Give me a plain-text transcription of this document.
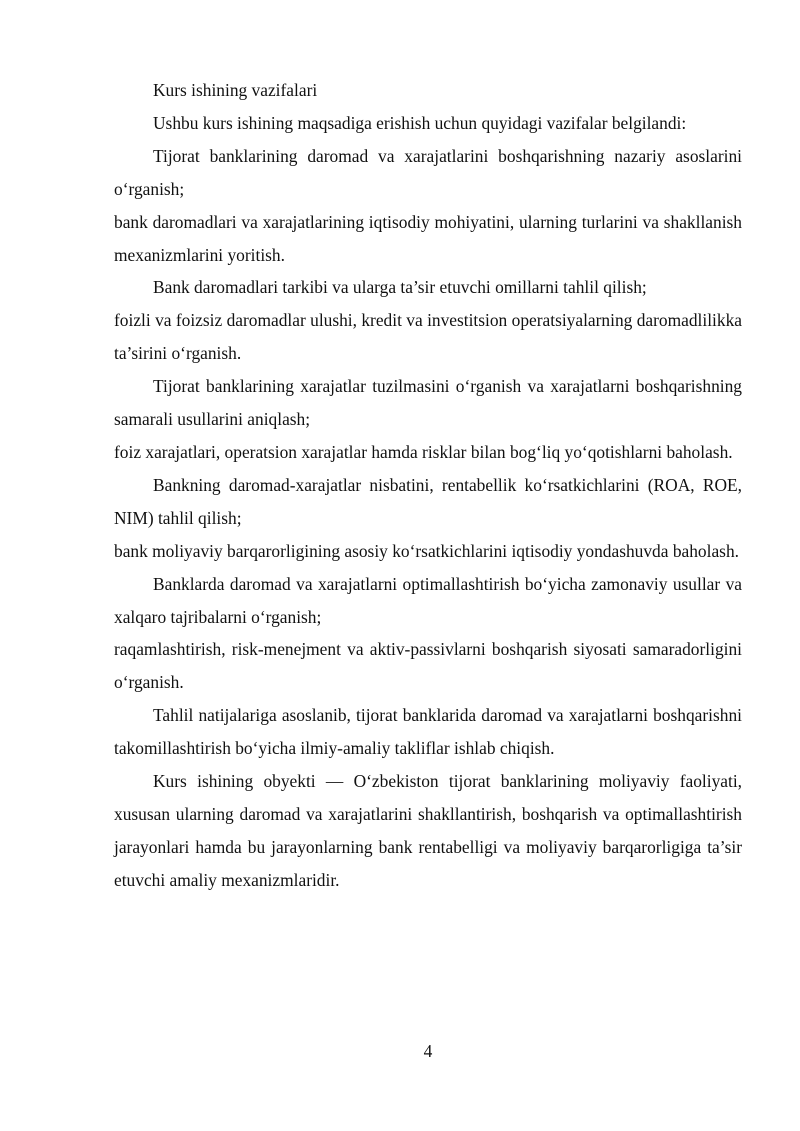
Kurs ishining vazifalari

Ushbu kurs ishining maqsadiga erishish uchun quyidagi vazifalar belgilandi:

Tijorat banklarining daromad va xarajatlarini boshqarishning nazariy asoslarini o‘rganish;

bank daromadlari va xarajatlarining iqtisodiy mohiyatini, ularning turlarini va shakllanish mexanizmlarini yoritish.

Bank daromadlari tarkibi va ularga ta’sir etuvchi omillarni tahlil qilish;

foizli va foizsiz daromadlar ulushi, kredit va investitsion operatsiyalarning daromadlilikka ta’sirini o‘rganish.

Tijorat banklarining xarajatlar tuzilmasini o‘rganish va xarajatlarni boshqarishning samarali usullarini aniqlash;

foiz xarajatlari, operatsion xarajatlar hamda risklar bilan bog‘liq yo‘qotishlarni baholash.

Bankning daromad-xarajatlar nisbatini, rentabellik ko‘rsatkichlarini (ROA, ROE, NIM) tahlil qilish;

bank moliyaviy barqarorligining asosiy ko‘rsatkichlarini iqtisodiy yondashuvda baholash.

Banklarda daromad va xarajatlarni optimallashtirish bo‘yicha zamonaviy usullar va xalqaro tajribalarni o‘rganish;

raqamlashtirish, risk-menejment va aktiv-passivlarni boshqarish siyosati samaradorligini o‘rganish.

Tahlil natijalariga asoslanib, tijorat banklarida daromad va xarajatlarni boshqarishni takomillashtirish bo‘yicha ilmiy-amaliy takliflar ishlab chiqish.

Kurs ishining obyekti — O‘zbekiston tijorat banklarining moliyaviy faoliyati, xususan ularning daromad va xarajatlarini shakllantirish, boshqarish va optimallashtirish jarayonlari hamda bu jarayonlarning bank rentabelligi va moliyaviy barqarorligiga ta’sir etuvchi amaliy mexanizmlaridir.

4
